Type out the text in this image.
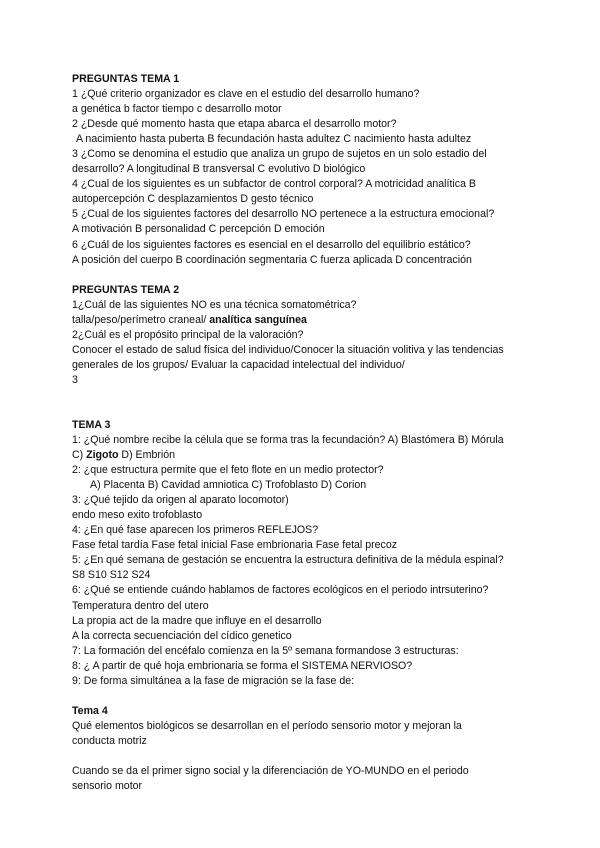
PREGUNTAS TEMA 1
1 ¿Qué criterio organizador es clave en el estudio del desarrollo humano?
a genética b factor tiempo c desarrollo motor
2 ¿Desde qué momento hasta que etapa abarca el desarrollo motor?
A nacimiento hasta puberta B fecundación hasta adultez C nacimiento hasta adultez
3 ¿Como se denomina el estudio que analiza un grupo de sujetos en un solo estadio del
desarrollo? A longitudinal B transversal C evolutivo D biológico
4 ¿Cual de los siguientes es un subfactor de control corporal? A motricidad analítica B
autopercepción C desplazamientos D gesto técnico
5 ¿Cual de los siguientes factores del desarrollo NO pertenece a la estructura emocional?
A motivación B personalidad C percepción D emoción
6 ¿Cuál de los siguientes factores es esencial en el desarrollo del equilibrio estático?
A posición del cuerpo B coordinación segmentaria C fuerza aplicada D concentración
PREGUNTAS TEMA 2
1¿Cuál de las siguientes NO es una técnica somatométrica?
talla/peso/perímetro craneal/ analítica sanguínea
2¿Cuál es el propósito principal de la valoración?
Conocer el estado de salud física del individuo/Conocer la situación volitiva y las tendencias
generales de los grupos/ Evaluar la capacidad intelectual del individuo/
3
TEMA 3
1: ¿Qué nombre recibe la célula que se forma tras la fecundación? A) Blastómera B) Mórula
C) Zigoto D) Embrión
2: ¿que estructura permite que el feto flote en un medio protector?
A) Placenta B) Cavidad amniotica C) Trofoblasto D) Corion
3: ¿Qué tejido da origen al aparato locomotor)
endo meso exito trofoblasto
4: ¿En qué fase aparecen los primeros REFLEJOS?
Fase fetal tardía Fase fetal inicial Fase embrionaria Fase fetal precoz
5: ¿En qué semana de gestación se encuentra la estructura definitiva de la médula espinal?
S8 S10 S12 S24
6: ¿Qué se entiende cuándo hablamos de factores ecológicos en el periodo intrsuterino?
Temperatura dentro del utero
La propia act de la madre que influye en el desarrollo
A la correcta secuenciación del cídico genetico
7: La formación del encéfalo comienza en la 5º semana formandose 3 estructuras:
8: ¿ A partir de qué hoja embrionaria se forma el SISTEMA NERVIOSO?
9: De forma simultánea a la fase de migración se la fase de:
Tema 4
Qué elementos biológicos se desarrollan en el período sensorio motor y mejoran la
conducta motriz
Cuando se da el primer signo social y la diferenciación de YO-MUNDO en el periodo
sensorio motor
